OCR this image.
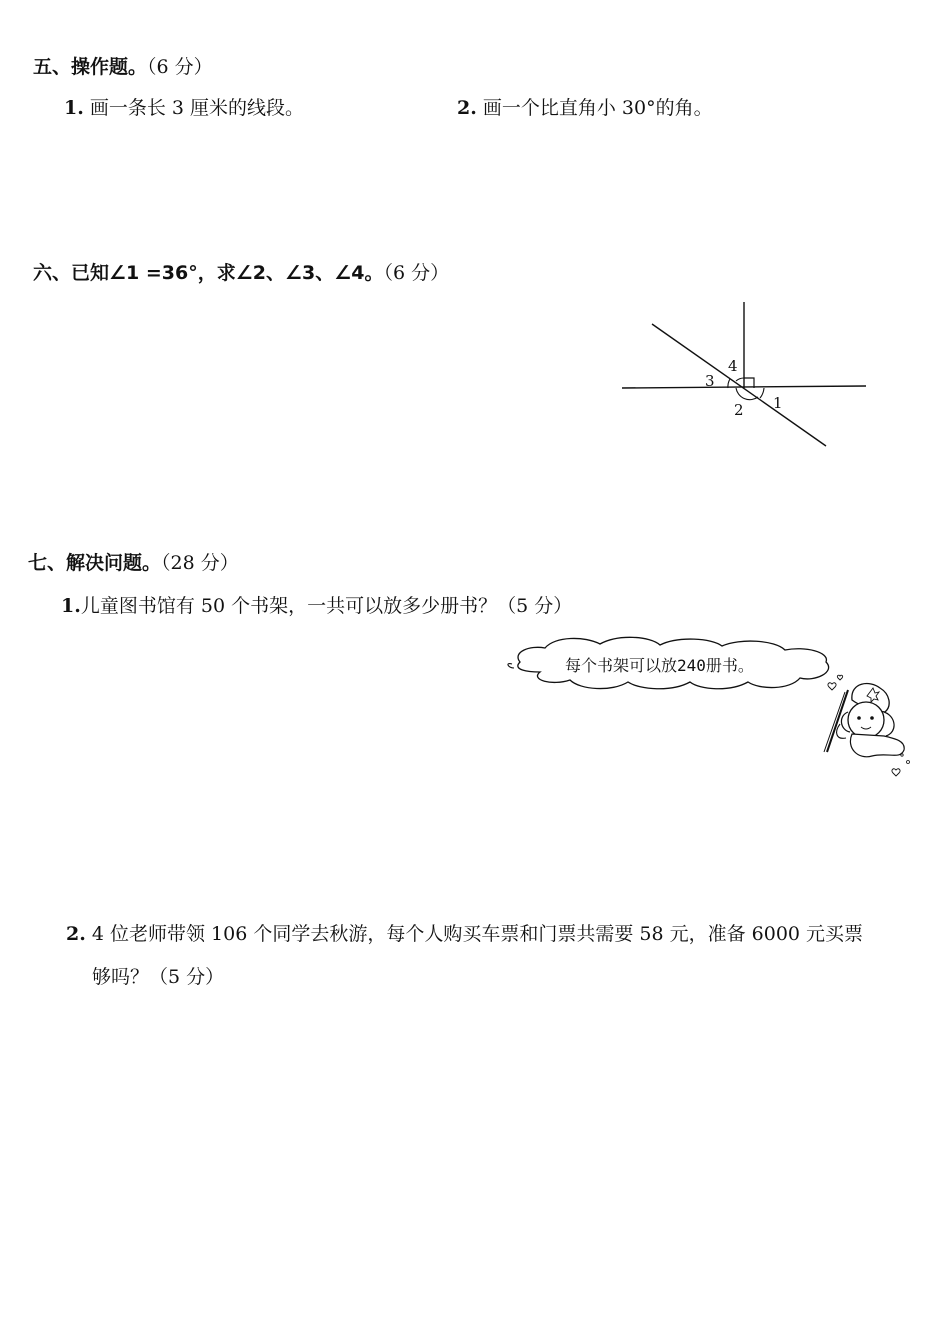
五、操作题。（6 分）
1. 画一条长 3 厘米的线段。	2. 画一个比直角小 30°的角。
六、已知∠1 =36°，求∠2、∠3、∠4。（6 分）
1
2
3
4
七、解决问题。（28 分）
1.儿童图书馆有 50 个书架，一共可以放多少册书？（5 分）
每个书架可以放240册书。
2. 4 位老师带领 106 个同学去秋游，每个人购买车票和门票共需要 58 元，准备 6000 元买票
够吗？（5 分）
